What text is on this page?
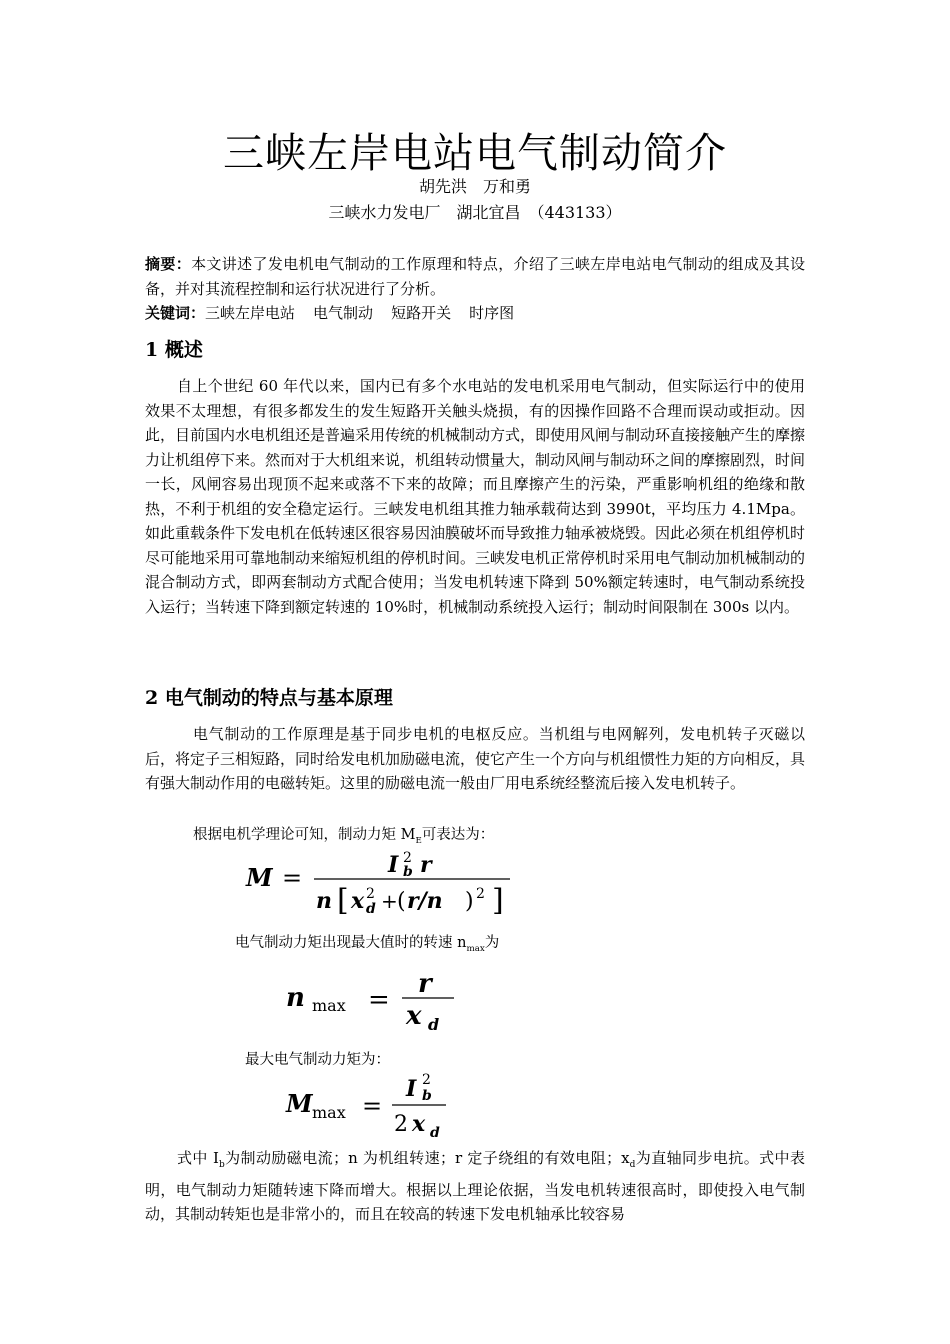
三峡左岸电站电气制动简介
胡先洪　万和勇
三峡水力发电厂　湖北宜昌　（443133）
摘要：本文讲述了发电机电气制动的工作原理和特点，介绍了三峡左岸电站电气制动的组成及其设备，并对其流程控制和运行状况进行了分析。
关键词：三峡左岸电站 电气制动 短路开关 时序图
1 概述
自上个世纪 60 年代以来，国内已有多个水电站的发电机采用电气制动，但实际运行中的使用效果不太理想，有很多都发生的发生短路开关触头烧损，有的因操作回路不合理而误动或拒动。因此，目前国内水电机组还是普遍采用传统的机械制动方式，即使用风闸与制动环直接接触产生的摩擦力让机组停下来。然而对于大机组来说，机组转动惯量大，制动风闸与制动环之间的摩擦剧烈，时间一长，风闸容易出现顶不起来或落不下来的故障；而且摩擦产生的污染，严重影响机组的绝缘和散热，不利于机组的安全稳定运行。三峡发电机组其推力轴承载荷达到 3990t，平均压力 4.1Mpa。如此重载条件下发电机在低转速区很容易因油膜破坏而导致推力轴承被烧毁。因此必须在机组停机时尽可能地采用可靠地制动来缩短机组的停机时间。三峡发电机正常停机时采用电气制动加机械制动的混合制动方式，即两套制动方式配合使用；当发电机转速下降到 50%额定转速时，电气制动系统投入运行；当转速下降到额定转速的 10%时，机械制动系统投入运行；制动时间限制在 300s 以内。
2 电气制动的特点与基本原理
电气制动的工作原理是基于同步电机的电枢反应。当机组与电网解列，发电机转子灭磁以后，将定子三相短路，同时给发电机加励磁电流，使它产生一个方向与机组惯性力矩的方向相反，具有强大制动作用的电磁转矩。这里的励磁电流一般由厂用电系统经整流后接入发电机转子。
根据电机学理论可知，制动力矩 $M_E$可表达为：
M =	I 2
b r
n [ x 2
d + ( r/n ) 2 ]
电气制动力矩出现最大值时的转速 $n_{max}$为
n max =
r
x d
最大电气制动力矩为：
M max =
I 2
b
2 x d
式中 $I_b$为制动励磁电流；n 为机组转速；r 定子绕组的有效电阻；$x_d$为直轴同步电抗。式中表明，电气制动力矩随转速下降而增大。根据以上理论依据，当发电机转速很高时，即使投入电气制动，其制动转矩也是非常小的，而且在较高的转速下发电机轴承比较容易
